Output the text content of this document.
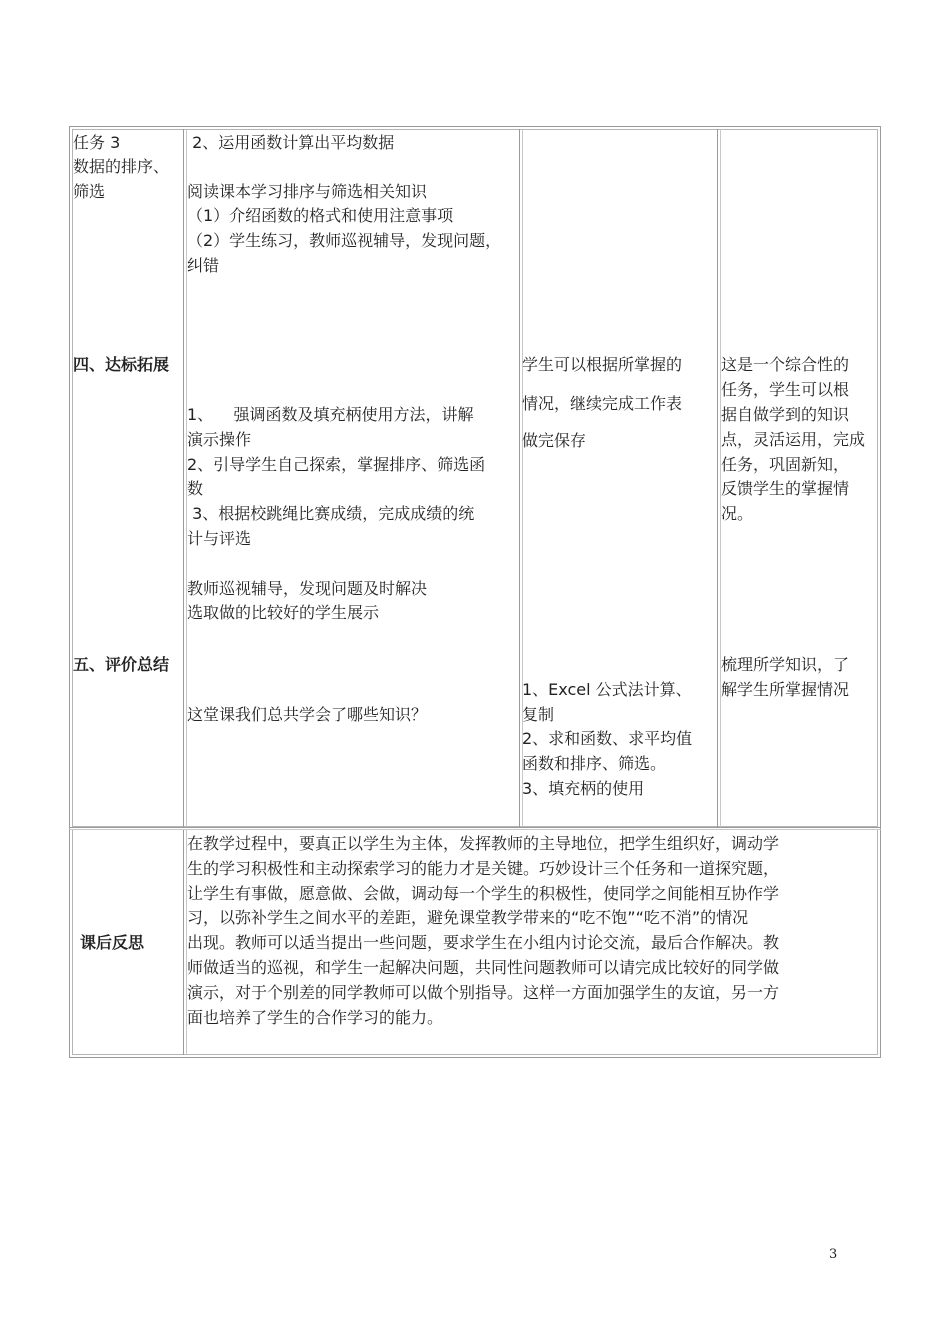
任务 3
数据的排序、
筛选
2、运用函数计算出平均数据
阅读课本学习排序与筛选相关知识
（1）介绍函数的格式和使用注意事项
（2）学生练习，教师巡视辅导，发现问题，
纠错
四、达标拓展
1、    强调函数及填充柄使用方法，讲解
演示操作
2、引导学生自己探索，掌握排序、筛选函
数
3、根据校跳绳比赛成绩，完成成绩的统
计与评选
教师巡视辅导，发现问题及时解决
选取做的比较好的学生展示
学生可以根据所掌握的
情况，继续完成工作表
做完保存
这是一个综合性的
任务，学生可以根
据自做学到的知识
点，灵活运用，完成
任务，巩固新知，
反馈学生的掌握情
况。
五、评价总结
这堂课我们总共学会了哪些知识？
1、Excel 公式法计算、
复制
2、求和函数、求平均值
函数和排序、筛选。
3、填充柄的使用
梳理所学知识，了
解学生所掌握情况
课后反思
在教学过程中，要真正以学生为主体，发挥教师的主导地位，把学生组织好，调动学
生的学习积极性和主动探索学习的能力才是关键。巧妙设计三个任务和一道探究题，
让学生有事做，愿意做、会做，调动每一个学生的积极性，使同学之间能相互协作学
习，以弥补学生之间水平的差距，避免课堂教学带来的“吃不饱”“吃不消”的情况
出现。教师可以适当提出一些问题，要求学生在小组内讨论交流，最后合作解决。教
师做适当的巡视，和学生一起解决问题，共同性问题教师可以请完成比较好的同学做
演示，对于个别差的同学教师可以做个别指导。这样一方面加强学生的友谊，另一方
面也培养了学生的合作学习的能力。
3
